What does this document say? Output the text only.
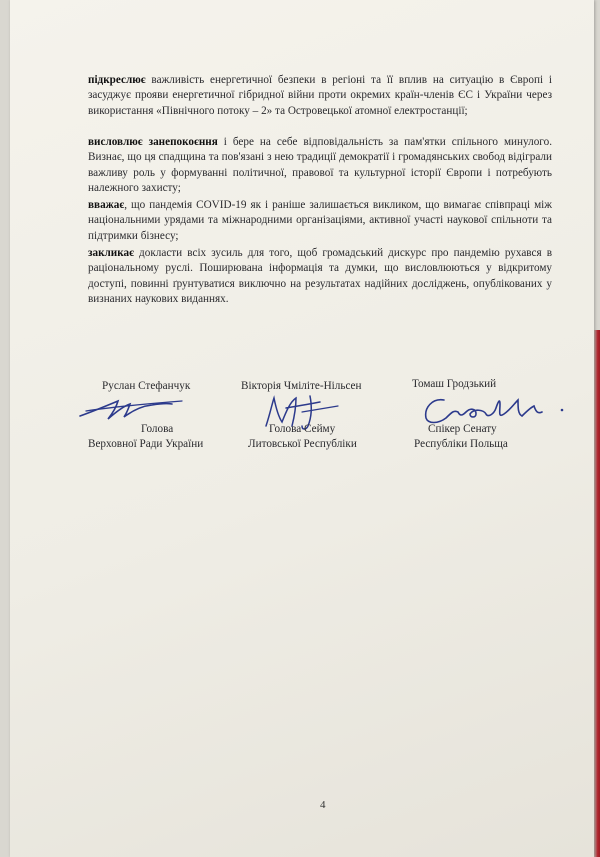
підкреслює важливість енергетичної безпеки в регіоні та її вплив на ситуацію в Європі і засуджує прояви енергетичної гібридної війни проти окремих країн-членів ЄС і України через використання «Північного потоку – 2» та Островецької атомної електростанції;

висловлює занепокоєння і бере на себе відповідальність за пам'ятки спільного минулого. Визнає, що ця спадщина та пов'язані з нею традиції демократії і громадянських свобод відіграли важливу роль у формуванні політичної, правової та культурної історії Європи і потребують належного захисту;

вважає, що пандемія COVID-19 як і раніше залишається викликом, що вимагає співпраці між національними урядами та міжнародними організаціями, активної участі наукової спільноти та підтримки бізнесу;

закликає докласти всіх зусиль для того, щоб громадський дискурс про пандемію рухався в раціональному руслі. Поширювана інформація та думки, що висловлюються у відкритому доступі, повинні ґрунтуватися виключно на результатах надійних досліджень, опублікованих у визнаних наукових виданнях.

Руслан Стефанчук
Голова
Верховної Ради України
Вікторія Чміліте-Нільсен
Голова Сейму
Литовської Республіки
Томаш Гродзький
Спікер Сенату
Республіки Польща
4
